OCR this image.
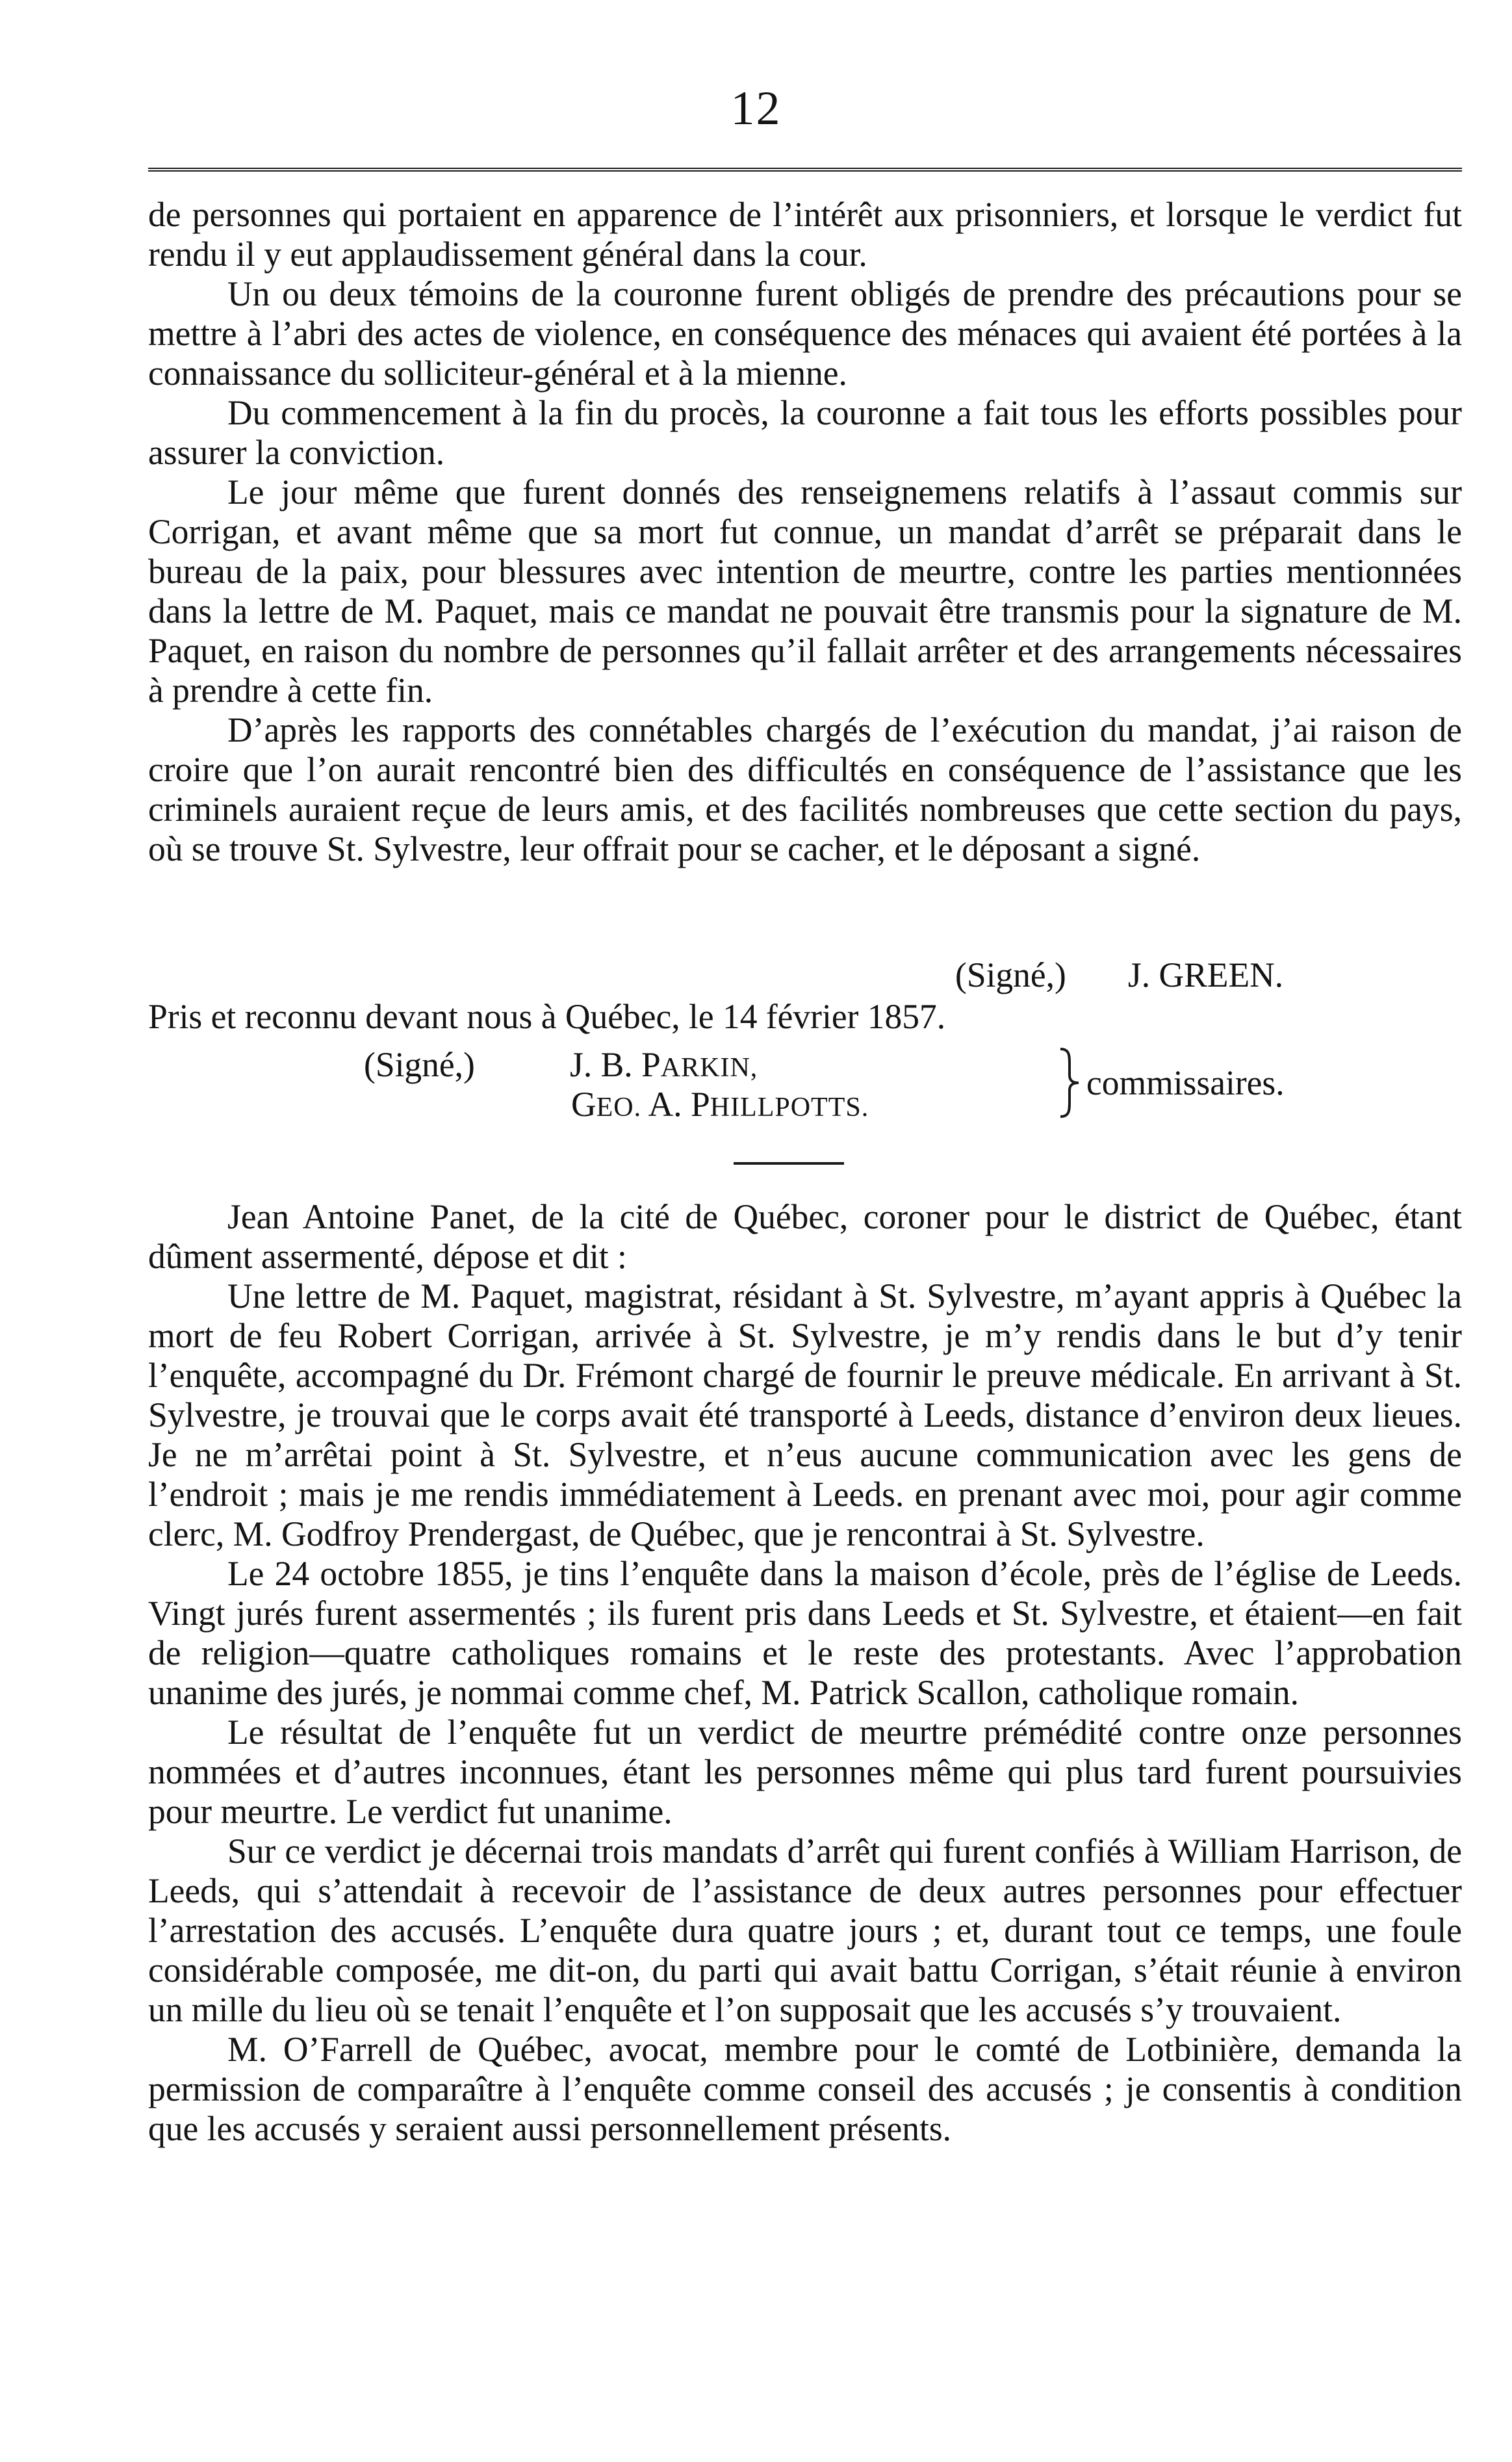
12

de personnes qui portaient en apparence de l’intérêt aux prisonniers, et lorsque le verdict fut rendu il y eut applaudissement général dans la cour.

Un ou deux témoins de la couronne furent obligés de prendre des précautions pour se mettre à l’abri des actes de violence, en conséquence des ménaces qui avaient été portées à la connaissance du solliciteur-général et à la mienne.

Du commencement à la fin du procès, la couronne a fait tous les efforts possibles pour assurer la conviction.

Le jour même que furent donnés des renseignemens relatifs à l’assaut commis sur Corrigan, et avant même que sa mort fut connue, un mandat d’arrêt se préparait dans le bureau de la paix, pour blessures avec intention de meurtre, contre les parties mentionnées dans la lettre de M. Paquet, mais ce mandat ne pouvait être transmis pour la signature de M. Paquet, en raison du nombre de personnes qu’il fallait arrêter et des arrangements nécessaires à prendre à cette fin.

D’après les rapports des connétables chargés de l’exécution du mandat, j’ai raison de croire que l’on aurait rencontré bien des difficultés en conséquence de l’assistance que les criminels auraient reçue de leurs amis, et des facilités nombreuses que cette section du pays, où se trouve St. Sylvestre, leur offrait pour se cacher, et le déposant a signé.

(Signé,) J. GREEN.
Pris et reconnu devant nous à Québec, le 14 février 1857.
(Signé,)	J. B. PARKIN,
GEO. A. PHILLPOTTS.
commissaires.

Jean Antoine Panet, de la cité de Québec, coroner pour le district de Québec, étant dûment assermenté, dépose et dit :

Une lettre de M. Paquet, magistrat, résidant à St. Sylvestre, m’ayant appris à Québec la mort de feu Robert Corrigan, arrivée à St. Sylvestre, je m’y rendis dans le but d’y tenir l’enquête, accompagné du Dr. Frémont chargé de fournir le preuve médicale. En arrivant à St. Sylvestre, je trouvai que le corps avait été transporté à Leeds, distance d’environ deux lieues. Je ne m’arrêtai point à St. Sylvestre, et n’eus aucune communication avec les gens de l’endroit ; mais je me rendis immédiatement à Leeds. en prenant avec moi, pour agir comme clerc, M. Godfroy Prendergast, de Québec, que je rencontrai à St. Sylvestre.

Le 24 octobre 1855, je tins l’enquête dans la maison d’école, près de l’église de Leeds. Vingt jurés furent assermentés ; ils furent pris dans Leeds et St. Sylvestre, et étaient—en fait de religion—quatre catholiques romains et le reste des protestants. Avec l’approbation unanime des jurés, je nommai comme chef, M. Patrick Scallon, catholique romain.

Le résultat de l’enquête fut un verdict de meurtre prémédité contre onze personnes nommées et d’autres inconnues, étant les personnes même qui plus tard furent poursuivies pour meurtre. Le verdict fut unanime.

Sur ce verdict je décernai trois mandats d’arrêt qui furent confiés à William Harrison, de Leeds, qui s’attendait à recevoir de l’assistance de deux autres personnes pour effectuer l’arrestation des accusés. L’enquête dura quatre jours ; et, durant tout ce temps, une foule considérable composée, me dit-on, du parti qui avait battu Corrigan, s’était réunie à environ un mille du lieu où se tenait l’enquête et l’on supposait que les accusés s’y trouvaient.

M. O’Farrell de Québec, avocat, membre pour le comté de Lotbinière, demanda la permission de comparaître à l’enquête comme conseil des accusés ; je consentis à condition que les accusés y seraient aussi personnellement présents.
